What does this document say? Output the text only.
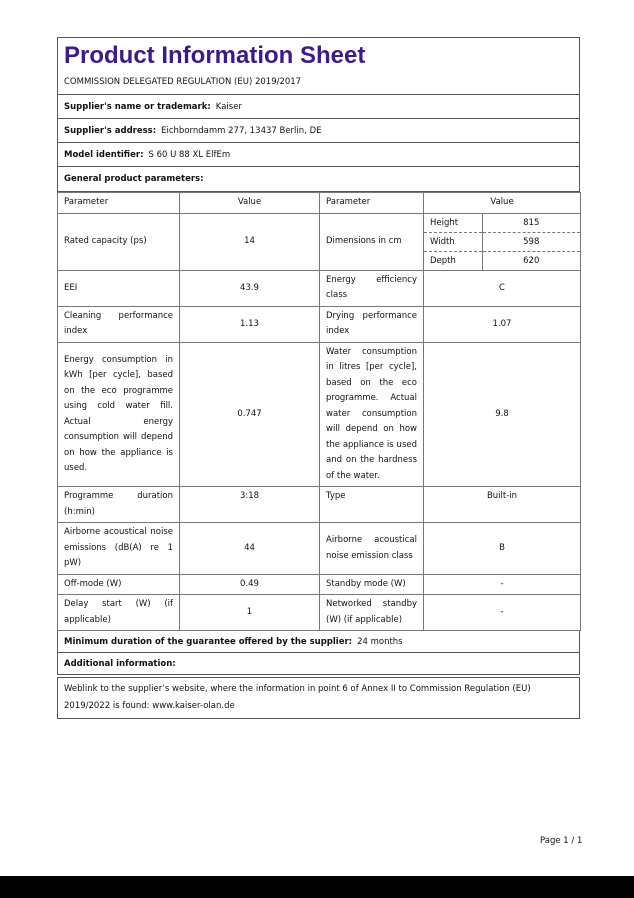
Product Information Sheet
COMMISSION DELEGATED REGULATION (EU) 2019/2017
Supplier's name or trademark: Kaiser
Supplier's address: Eichborndamm 277, 13437 Berlin, DE
Model identifier: S 60 U 88 XL ElfEm
General product parameters:
Parameter	Value	Parameter	Value
Rated capacity (ps)	14	Dimensions in cm	
Height	815
Width	598
Depth	620

EEI	43.9	Energy efficiency class	C
Cleaning performance index	1.13	Drying performance index	1.07
Energy consumption in kWh [per cycle], based on the eco programme using cold water fill. Actual energy consumption will depend on how the appliance is used.	0.747	Water consumption in litres [per cycle], based on the eco programme. Actual water consumption will depend on how the appliance is used and on the hardness of the water.	9.8
Programme duration (h:min)	3:18	Type	Built-in
Airborne acoustical noise emissions (dB(A) re 1 pW)	44	Airborne acoustical noise emission class	B
Off-mode (W)	0.49	Standby mode (W)	-
Delay start (W) (if applicable)	1	Networked standby (W) (if applicable)	-
Minimum duration of the guarantee offered by the supplier: 24 months
Additional information:
Weblink to the supplier’s website, where the information in point 6 of Annex II to Commission Regulation (EU) 2019/2022 is found: www.kaiser-olan.de
Page 1 / 1
